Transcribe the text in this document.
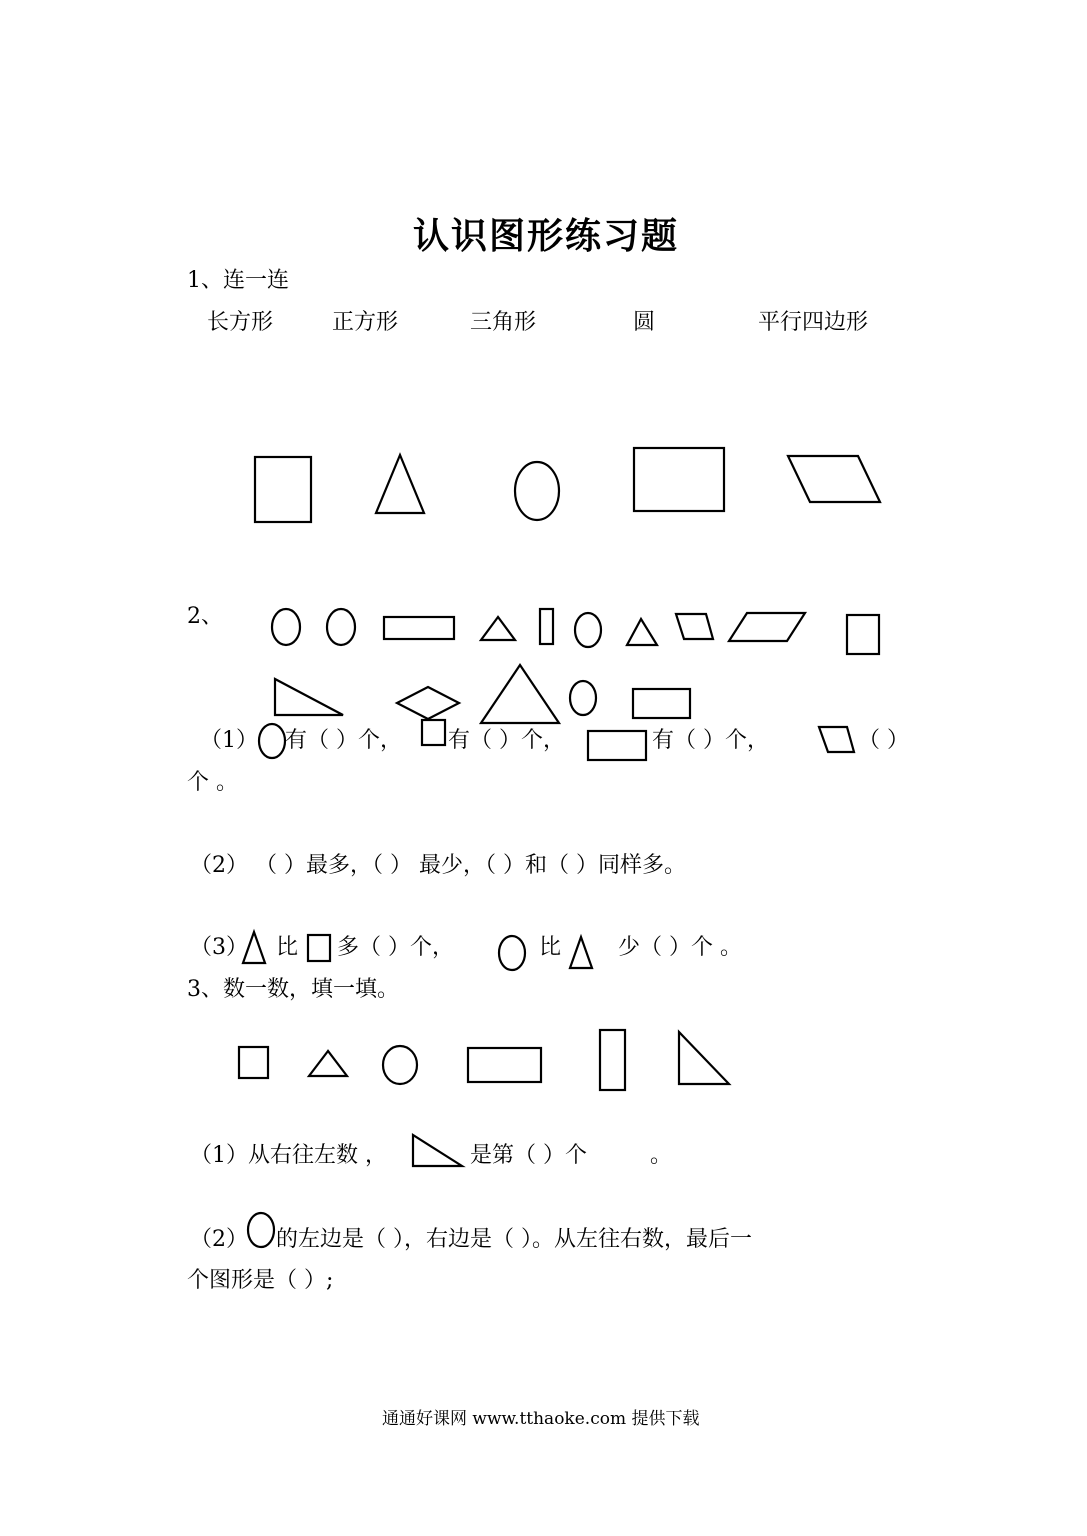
认识图形练习题
1、连一连
长方形	正方形	三角形	圆	平行四边形
2、
（1） 有（ ）个， 有（ ）个，	有（ ）个，	（ ）
个 。
（2） （ ）最多，（ ） 最少，（ ）和（ ）同样多。
（3） 比 多（ ）个，	比	少（ ）个 。
3、数一数，填一填。
（1）从右往左数 ，	是第（ ）个	。
（2） 的左边是（ ），右边是（ ）。从左往右数，最后一
个图形是（ ）;
通通好课网 www.tthaoke.com 提供下载
